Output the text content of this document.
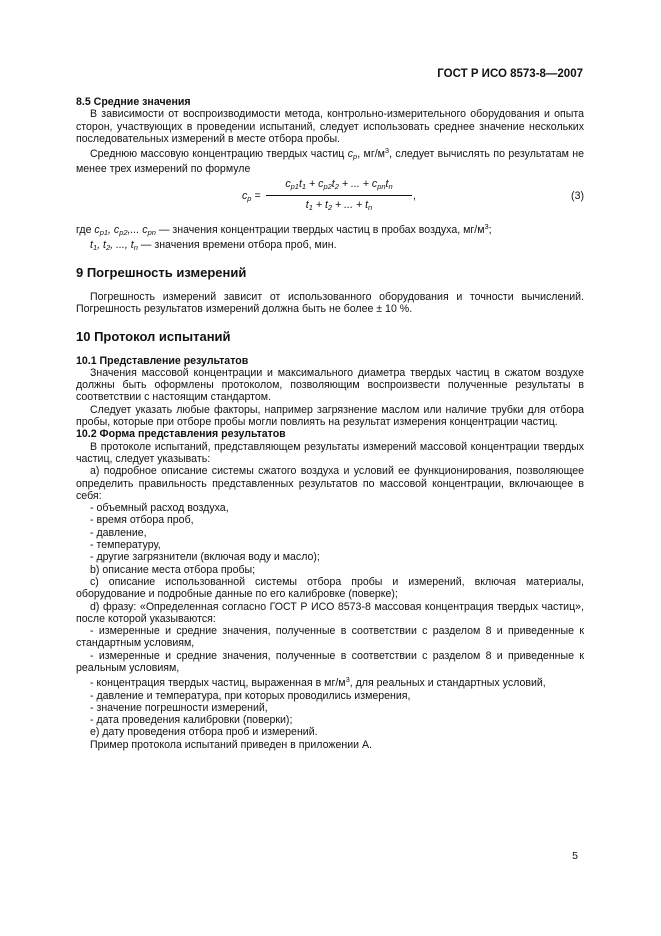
ГОСТ Р ИСО 8573-8—2007

8.5 Средние значения

В зависимости от воспроизводимости метода, контрольно-измерительного оборудования и опыта сторон, участвующих в проведении испытаний, следует использовать среднее значение нескольких последовательных измерений в месте отбора пробы.

Среднюю массовую концентрацию твердых частиц $c_p$, $мг/м^3$, следует вычислять по результатам не менее трех измерений по формуле

$c_p$ =
$c_{p1}t_1 + c_{p2}t_2$ + ... + $c_{pn}t_n$
$t_1 + t_2$ + ... + $t_n$
,	(3)

где $c_{p1}$, $c_{p2}$,... $c_{pn}$ — значения концентрации твердых частиц в пробах воздуха, $мг/м^3$;

$t_1$, $t_2$, ..., $t_n$ — значения времени отбора проб, мин.

9 Погрешность измерений

Погрешность измерений зависит от использованного оборудования и точности вычислений. Погрешность результатов измерений должна быть не более ± 10 %.

10 Протокол испытаний

10.1 Представление результатов

Значения массовой концентрации и максимального диаметра твердых частиц в сжатом воздухе должны быть оформлены протоколом, позволяющим воспроизвести полученные результаты в соответствии с настоящим стандартом.

Следует указать любые факторы, например загрязнение маслом или наличие трубки для отбора пробы, которые при отборе пробы могли повлиять на результат измерения концентрации частиц.

10.2 Форма представления результатов

В протоколе испытаний, представляющем результаты измерений массовой концентрации твердых частиц, следует указывать:

а) подробное описание системы сжатого воздуха и условий ее функционирования, позволяющее определить правильность представленных результатов по массовой концентрации, включающее в себя:

- объемный расход воздуха,

- время отбора проб,

- давление,

- температуру,

- другие загрязнители (включая воду и масло);

b) описание места отбора пробы;

с) описание использованной системы отбора пробы и измерений, включая материалы, оборудование и подробные данные по его калибровке (поверке);

d) фразу: «Определенная согласно ГОСТ Р ИСО 8573-8 массовая концентрация твердых частиц», после которой указываются:

- измеренные и средние значения, полученные в соответствии с разделом 8 и приведенные к стандартным условиям,

- измеренные и средние значения, полученные в соответствии с разделом 8 и приведенные к реальным условиям,

- концентрация твердых частиц, выраженная в $мг/м^3$, для реальных и стандартных условий,

- давление и температура, при которых проводились измерения,

- значение погрешности измерений,

- дата проведения калибровки (поверки);

e) дату проведения отбора проб и измерений.

Пример протокола испытаний приведен в приложении А.

5
